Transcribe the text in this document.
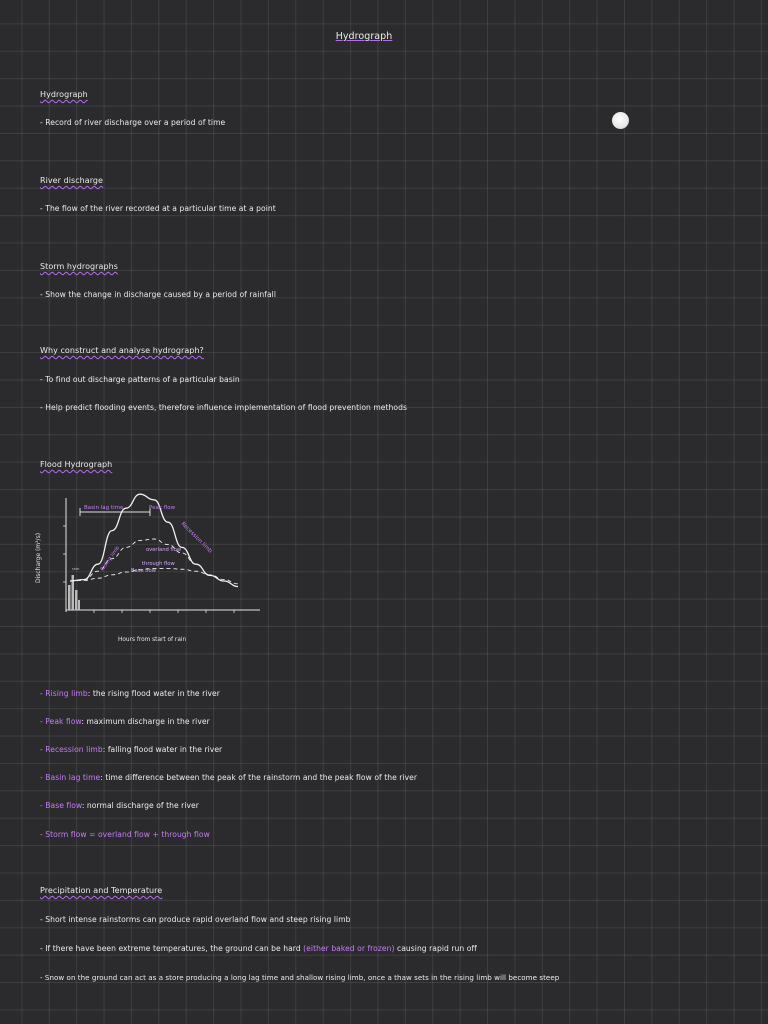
Hydrograph
Hydrograph
- Record of river discharge over a period of time
River discharge
- The flow of the river recorded at a particular time at a point
Storm hydrographs
- Show the change in discharge caused by a period of rainfall
Why construct and analyse hydrograph?
- To find out discharge patterns of a particular basin
- Help predict flooding events, therefore influence implementation of flood prevention methods
Flood Hydrograph
Discharge (m³/s)
Hours from start of rain
Basin lag time	Peak flow
Rising limb
Recession limb
overland flow
through flow
Base flow
rain
- Rising limb: the rising flood water in the river
- Peak flow: maximum discharge in the river
- Recession limb: falling flood water in the river
- Basin lag time: time difference between the peak of the rainstorm and the peak flow of the river
- Base flow: normal discharge of the river
- Storm flow = overland flow + through flow
Precipitation and Temperature
- Short intense rainstorms can produce rapid overland flow and steep rising limb
- If there have been extreme temperatures, the ground can be hard (either baked or frozen) causing rapid run off
- Snow on the ground can act as a store producing a long lag time and shallow rising limb, once a thaw sets in the rising limb will become steep
